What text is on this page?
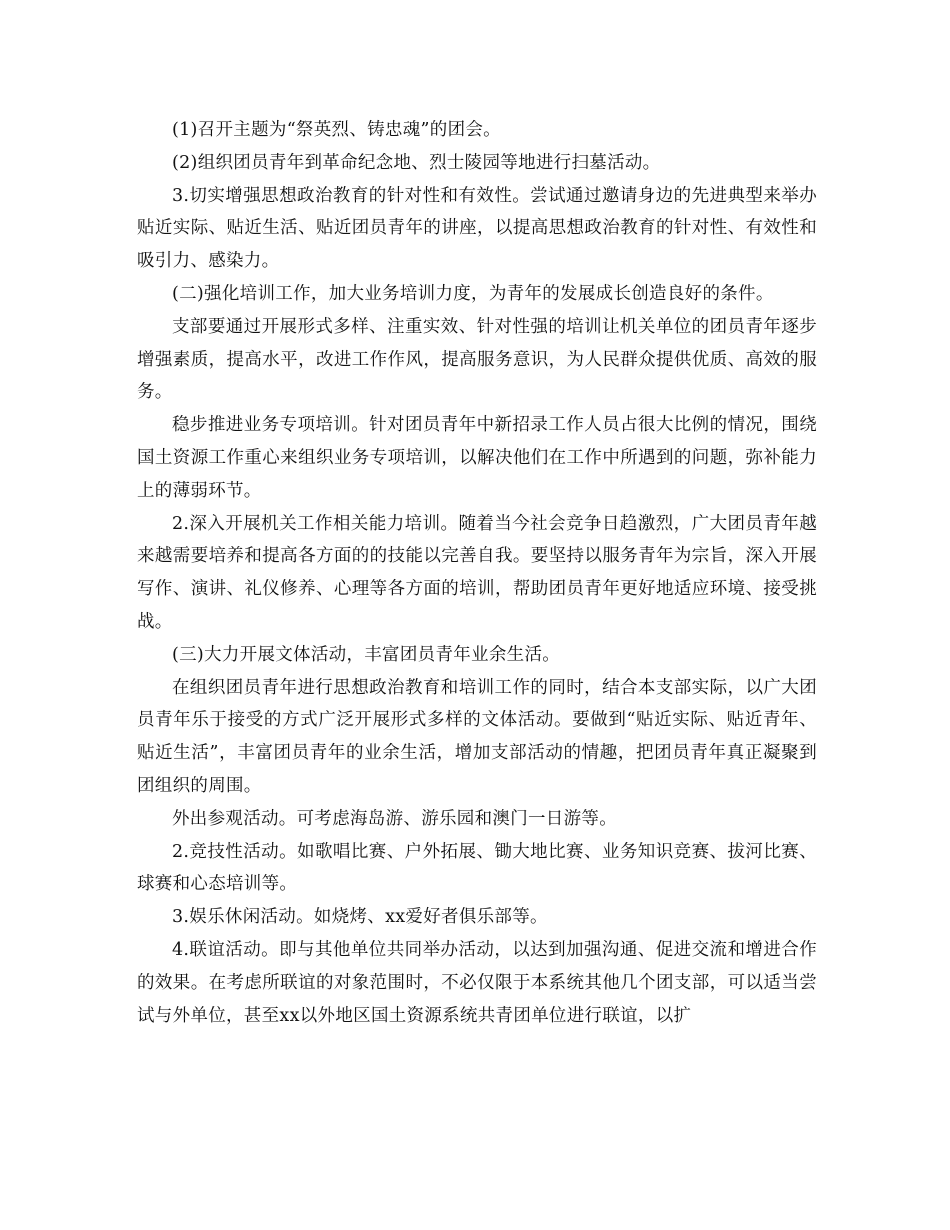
(1)召开主题为“祭英烈、铸忠魂”的团会。

(2)组织团员青年到革命纪念地、烈士陵园等地进行扫墓活动。

3.切实增强思想政治教育的针对性和有效性。尝试通过邀请身边的先进典型来举办贴近实际、贴近生活、贴近团员青年的讲座，以提高思想政治教育的针对性、有效性和吸引力、感染力。

(二)强化培训工作，加大业务培训力度，为青年的发展成长创造良好的条件。

支部要通过开展形式多样、注重实效、针对性强的培训让机关单位的团员青年逐步增强素质，提高水平，改进工作作风，提高服务意识，为人民群众提供优质、高效的服务。

稳步推进业务专项培训。针对团员青年中新招录工作人员占很大比例的情况，围绕国土资源工作重心来组织业务专项培训，以解决他们在工作中所遇到的问题，弥补能力上的薄弱环节。

2.深入开展机关工作相关能力培训。随着当今社会竞争日趋激烈，广大团员青年越来越需要培养和提高各方面的的技能以完善自我。要坚持以服务青年为宗旨，深入开展写作、演讲、礼仪修养、心理等各方面的培训，帮助团员青年更好地适应环境、接受挑战。

(三)大力开展文体活动，丰富团员青年业余生活。

在组织团员青年进行思想政治教育和培训工作的同时，结合本支部实际，以广大团员青年乐于接受的方式广泛开展形式多样的文体活动。要做到“贴近实际、贴近青年、贴近生活”，丰富团员青年的业余生活，增加支部活动的情趣，把团员青年真正凝聚到团组织的周围。

外出参观活动。可考虑海岛游、游乐园和澳门一日游等。

2.竞技性活动。如歌唱比赛、户外拓展、锄大地比赛、业务知识竞赛、拔河比赛、球赛和心态培训等。

3.娱乐休闲活动。如烧烤、xx爱好者俱乐部等。

4.联谊活动。即与其他单位共同举办活动，以达到加强沟通、促进交流和增进合作的效果。在考虑所联谊的对象范围时，不必仅限于本系统其他几个团支部，可以适当尝试与外单位，甚至xx以外地区国土资源系统共青团单位进行联谊，以扩
